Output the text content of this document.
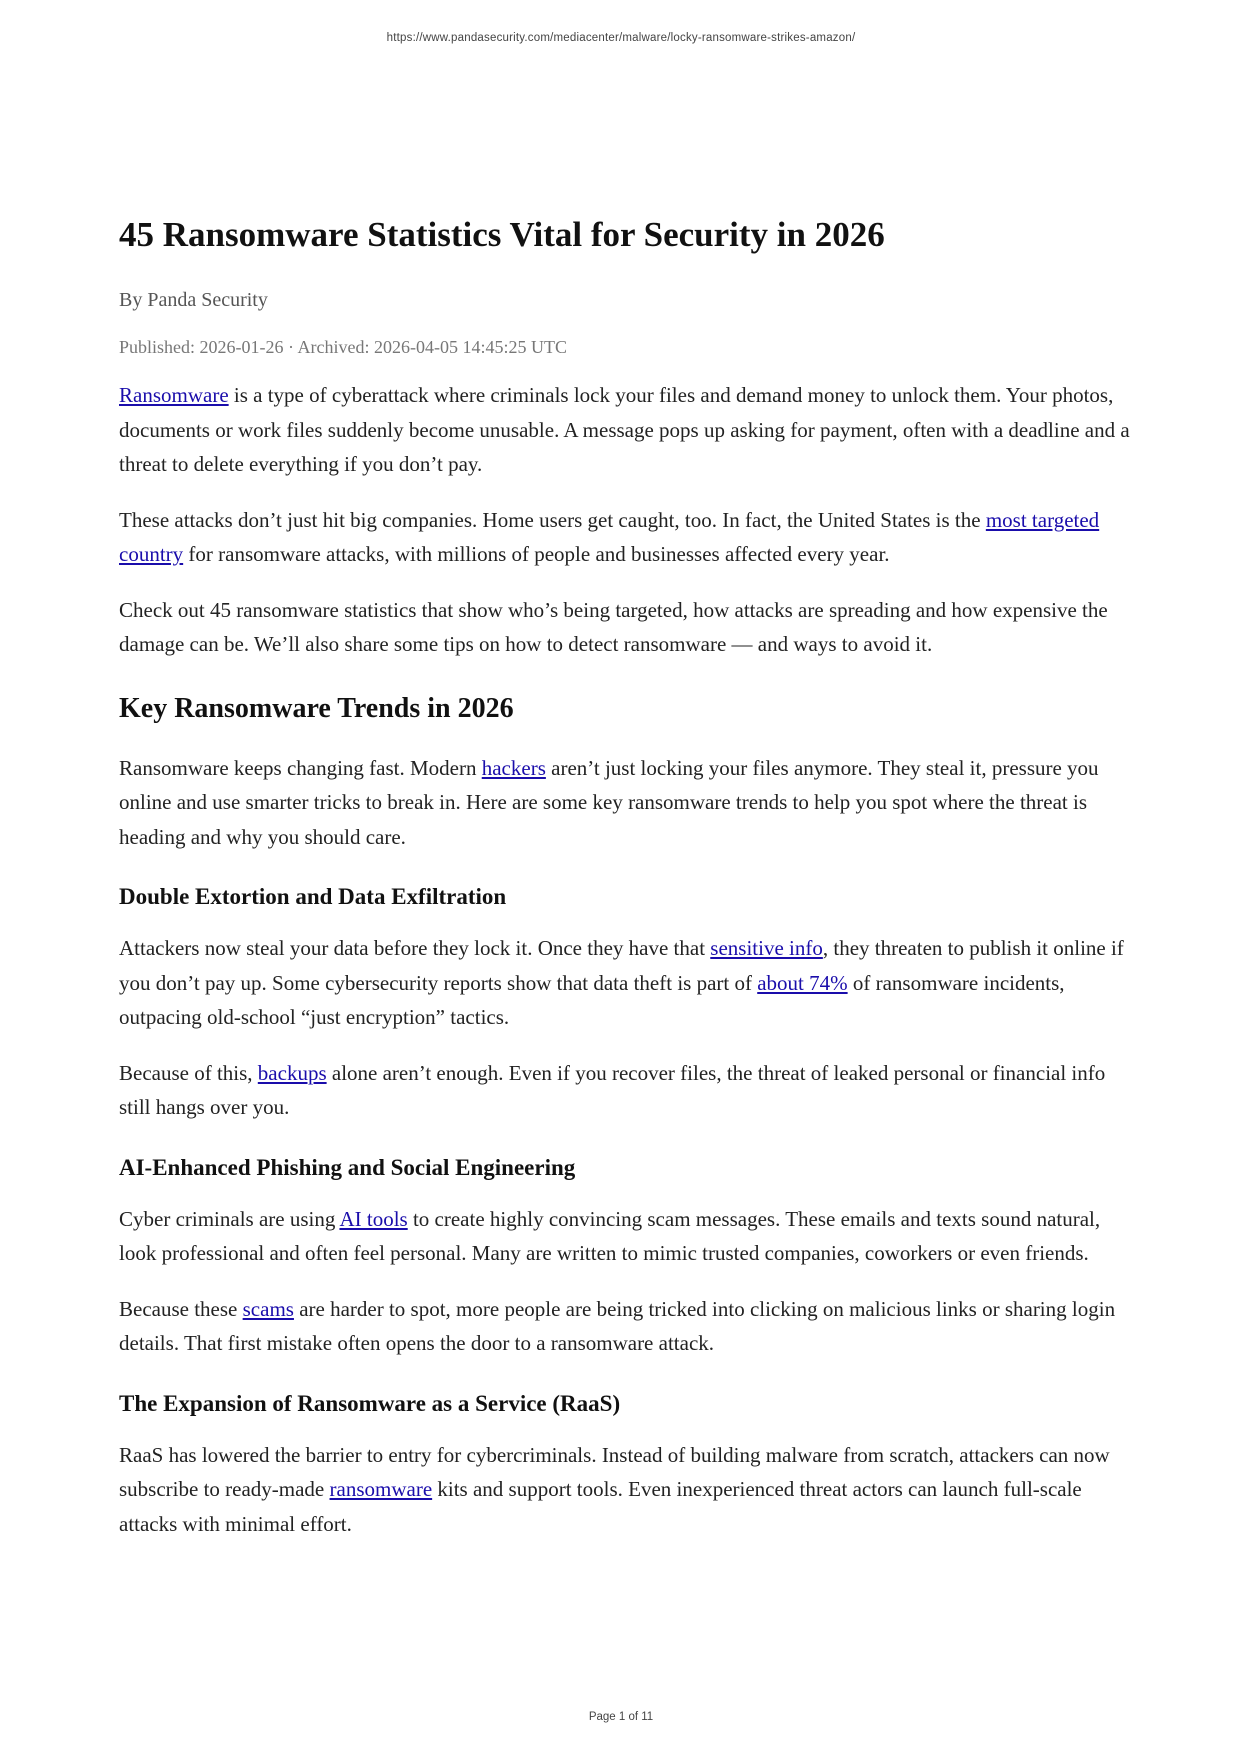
https://www.pandasecurity.com/mediacenter/malware/locky-ransomware-strikes-amazon/
45 Ransomware Statistics Vital for Security in 2026
By Panda Security
Published: 2026-01-26 · Archived: 2026-04-05 14:45:25 UTC

Ransomware is a type of cyberattack where criminals lock your files and demand money to unlock them. Your photos, documents or work files suddenly become unusable. A message pops up asking for payment, often with a deadline and a threat to delete everything if you don’t pay.

These attacks don’t just hit big companies. Home users get caught, too. In fact, the United States is the most targeted country for ransomware attacks, with millions of people and businesses affected every year.

Check out 45 ransomware statistics that show who’s being targeted, how attacks are spreading and how expensive the damage can be. We’ll also share some tips on how to detect ransomware — and ways to avoid it.

Key Ransomware Trends in 2026

Ransomware keeps changing fast. Modern hackers aren’t just locking your files anymore. They steal it, pressure you online and use smarter tricks to break in. Here are some key ransomware trends to help you spot where the threat is heading and why you should care.

Double Extortion and Data Exfiltration

Attackers now steal your data before they lock it. Once they have that sensitive info, they threaten to publish it online if you don’t pay up. Some cybersecurity reports show that data theft is part of about 74% of ransomware incidents, outpacing old-school “just encryption” tactics.

Because of this, backups alone aren’t enough. Even if you recover files, the threat of leaked personal or financial info still hangs over you.

AI-Enhanced Phishing and Social Engineering

Cyber criminals are using AI tools to create highly convincing scam messages. These emails and texts sound natural, look professional and often feel personal. Many are written to mimic trusted companies, coworkers or even friends.

Because these scams are harder to spot, more people are being tricked into clicking on malicious links or sharing login details. That first mistake often opens the door to a ransomware attack.

The Expansion of Ransomware as a Service (RaaS)

RaaS has lowered the barrier to entry for cybercriminals. Instead of building malware from scratch, attackers can now subscribe to ready-made ransomware kits and support tools. Even inexperienced threat actors can launch full-scale attacks with minimal effort.

Page 1 of 11
